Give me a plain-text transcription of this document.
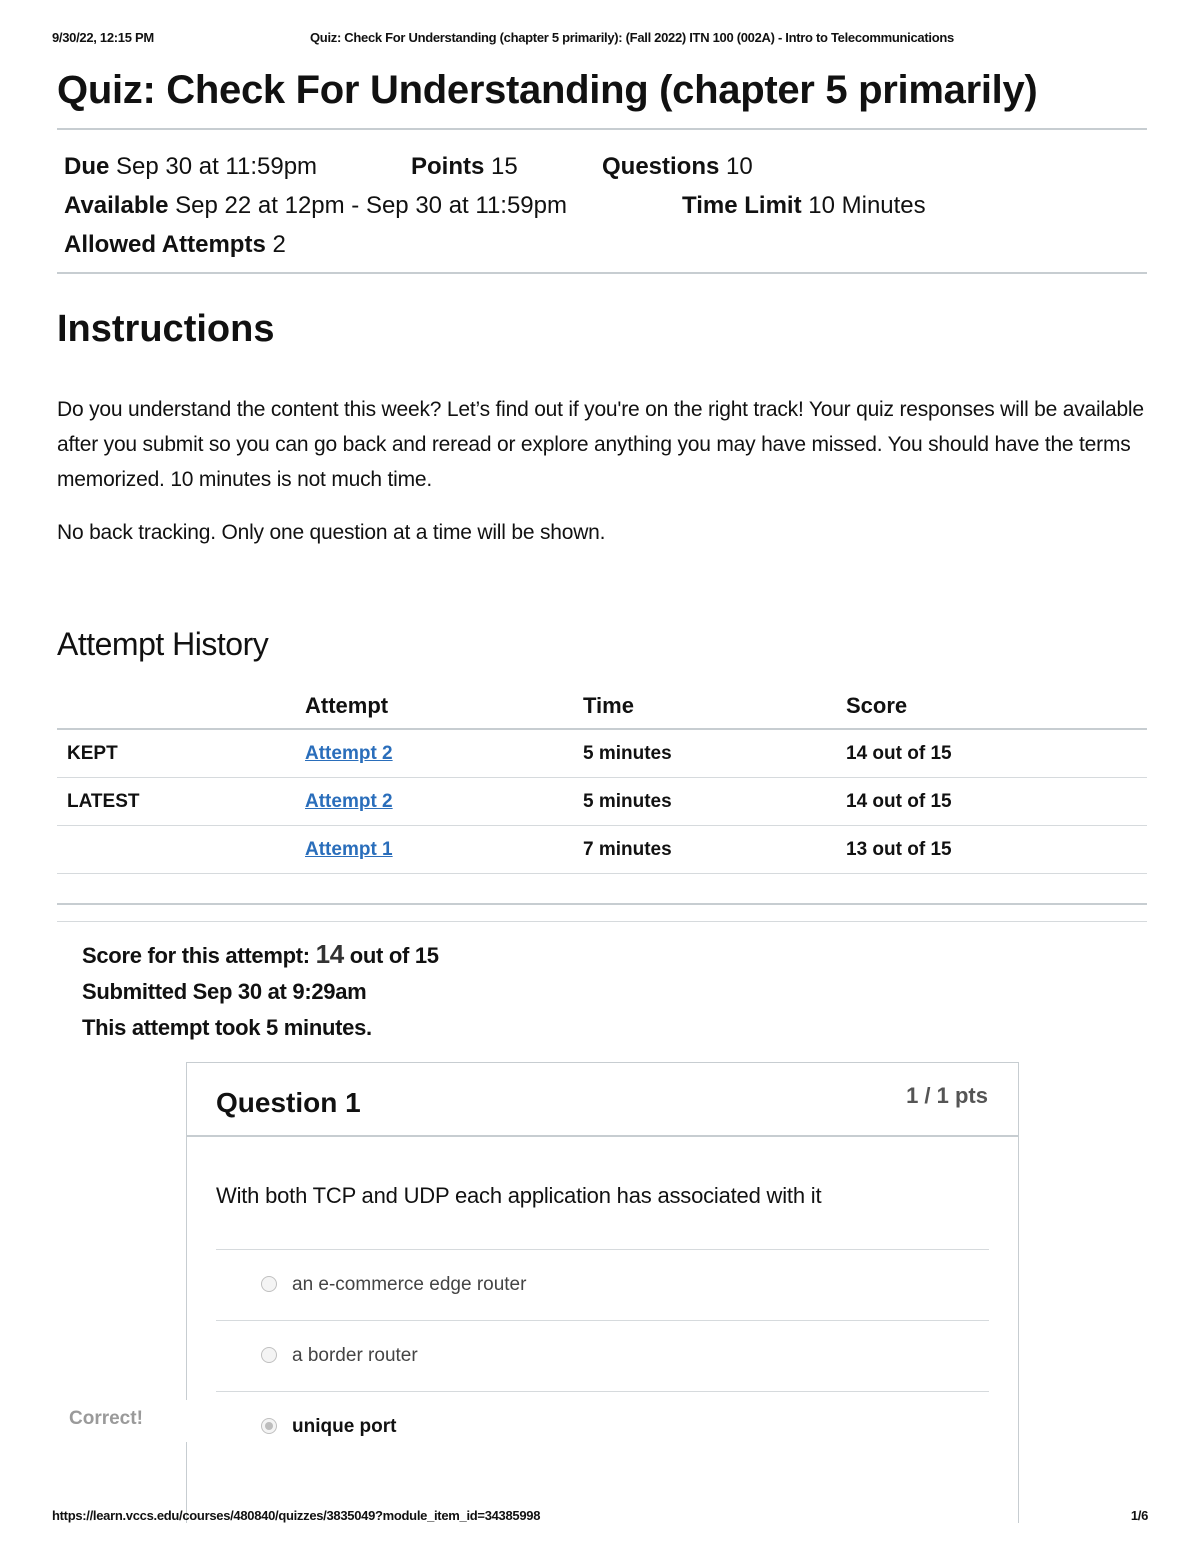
9/30/22, 12:15 PM	Quiz: Check For Understanding (chapter 5 primarily): (Fall 2022) ITN 100 (002A) - Intro to Telecommunications
Quiz: Check For Understanding (chapter 5 primarily)
Due Sep 30 at 11:59pm	Points 15	Questions 10
Available Sep 22 at 12pm - Sep 30 at 11:59pm	Time Limit 10 Minutes
Allowed Attempts 2
Instructions

Do you understand the content this week? Let’s find out if you're on the right track! Your quiz responses will be available after you submit so you can go back and reread or explore anything you may have missed. You should have the terms memorized. 10 minutes is not much time.

No back tracking. Only one question at a time will be shown.

Attempt History
	Attempt	Time	Score
KEPT	Attempt 2	5 minutes	14 out of 15
LATEST	Attempt 2	5 minutes	14 out of 15
	Attempt 1	7 minutes	13 out of 15

Score for this attempt: 14 out of 15
Submitted Sep 30 at 9:29am
This attempt took 5 minutes.
Question 1	1 / 1 pts
With both TCP and UDP each application has associated with it
an e-commerce edge router
a border router
unique port
Correct!
https://learn.vccs.edu/courses/480840/quizzes/3835049?module_item_id=34385998	1/6
